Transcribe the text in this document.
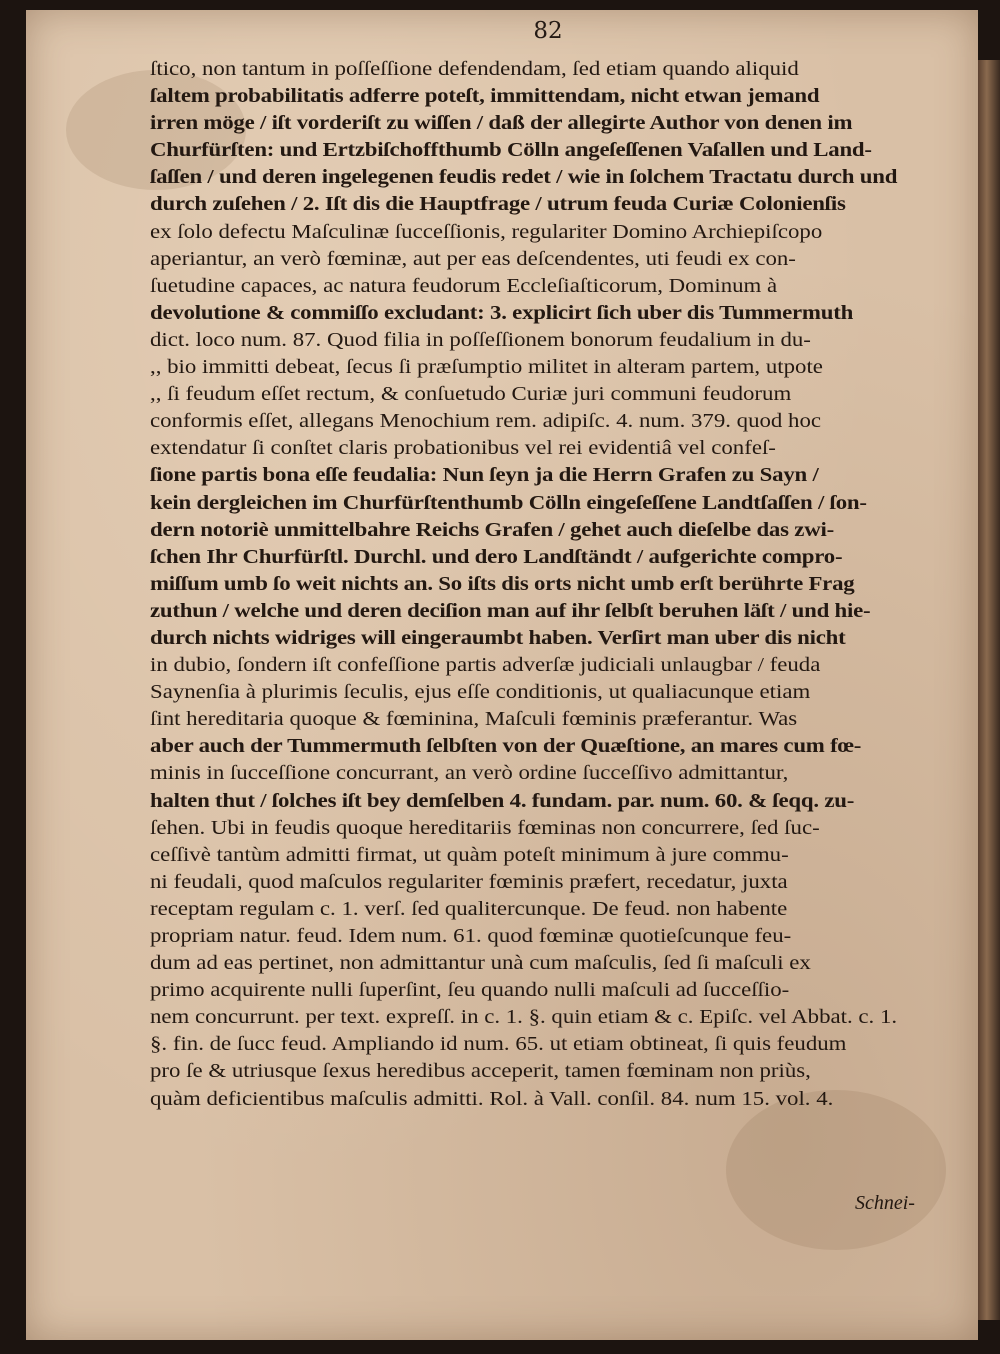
82
ſtico, non tantum in poſſeſſione defendendam, ſed etiam quando aliquid
ſaltem probabilitatis adferre poteſt, immittendam, nicht etwan jemand
irren möge / iſt vorderiſt zu wiſſen / daß der allegirte Author von denen im
Churfürſten: und Ertzbiſchoffthumb Cölln angeſeſſenen Vaſallen und Land-
ſaſſen / und deren ingelegenen feudis redet / wie in ſolchem Tractatu durch und
durch zuſehen / 2. Iſt dis die Hauptfrage / utrum feuda Curiæ Colonienſis
ex ſolo defectu Maſculinæ ſucceſſionis, regulariter Domino Archiepiſcopo
aperiantur, an verò fœminæ, aut per eas deſcendentes, uti feudi ex con-
ſuetudine capaces, ac natura feudorum Eccleſiaſticorum, Dominum à
devolutione & commiſſo excludant: 3. explicirt ſich uber dis Tummermuth
dict. loco num. 87. Quod filia in poſſeſſionem bonorum feudalium in du-
,, bio immitti debeat, ſecus ſi præſumptio militet in alteram partem, utpote
,, ſi feudum eſſet rectum, & conſuetudo Curiæ juri communi feudorum
conformis eſſet, allegans Menochium rem. adipiſc. 4. num. 379. quod hoc
extendatur ſi conſtet claris probationibus vel rei evidentiâ vel confeſ-
ſione partis bona eſſe feudalia: Nun ſeyn ja die Herrn Grafen zu Sayn /
kein dergleichen im Churfürſtenthumb Cölln eingeſeſſene Landtſaſſen / ſon-
dern notoriè unmittelbahre Reichs Grafen / gehet auch dieſelbe das zwi-
ſchen Ihr Churfürſtl. Durchl. und dero Landſtändt / aufgerichte compro-
miſſum umb ſo weit nichts an. So iſts dis orts nicht umb erſt berührte Frag
zuthun / welche und deren deciſion man auf ihr ſelbſt beruhen läſt / und hie-
durch nichts widriges will eingeraumbt haben. Verſirt man uber dis nicht
in dubio, ſondern iſt confeſſione partis adverſæ judiciali unlaugbar / feuda
Saynenſia à plurimis ſeculis, ejus eſſe conditionis, ut qualiacunque etiam
ſint hereditaria quoque & fœminina, Maſculi fœminis præferantur. Was
aber auch der Tummermuth ſelbſten von der Quæſtione, an mares cum fœ-
minis in ſucceſſione concurrant, an verò ordine ſucceſſivo admittantur,
halten thut / ſolches iſt bey demſelben 4. fundam. par. num. 60. & ſeqq. zu-
ſehen. Ubi in feudis quoque hereditariis fœminas non concurrere, ſed ſuc-
ceſſivè tantùm admitti firmat, ut quàm poteſt minimum à jure commu-
ni feudali, quod maſculos regulariter fœminis præfert, recedatur, juxta
receptam regulam c. 1. verſ. ſed qualitercunque. De feud. non habente
propriam natur. feud. Idem num. 61. quod fœminæ quotieſcunque feu-
dum ad eas pertinet, non admittantur unà cum maſculis, ſed ſi maſculi ex
primo acquirente nulli ſuperſint, ſeu quando nulli maſculi ad ſucceſſio-
nem concurrunt. per text. expreſſ. in c. 1. §. quin etiam & c. Epiſc. vel Abbat. c. 1.
§. fin. de ſucc feud. Ampliando id num. 65. ut etiam obtineat, ſi quis feudum
pro ſe & utriusque ſexus heredibus acceperit, tamen fœminam non priùs,
quàm deficientibus maſculis admitti. Rol. à Vall. conſil. 84. num 15. vol. 4.
Schnei-
